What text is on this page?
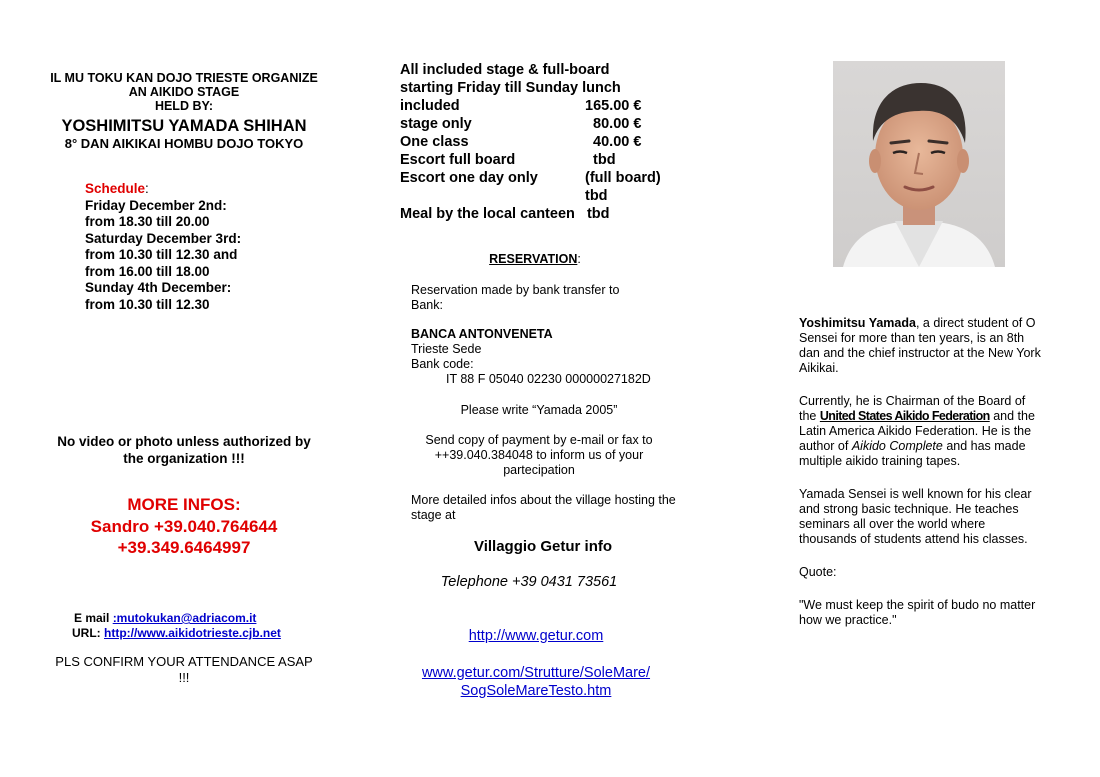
IL MU TOKU KAN DOJO TRIESTE ORGANIZE
AN AIKIDO STAGE
HELD BY:
YOSHIMITSU YAMADA SHIHAN
8° DAN AIKIKAI HOMBU DOJO TOKYO
Schedule:
Friday December 2nd:
from 18.30 till 20.00
Saturday December 3rd:
from 10.30 till 12.30 and
from 16.00 till 18.00
Sunday 4th December:
from 10.30 till 12.30
No video or photo unless authorized by
the organization !!!
MORE INFOS:
Sandro +39.040.764644
+39.349.6464997
E mail :mutokukan@adriacom.it
URL: http://www.aikidotrieste.cjb.net
PLS CONFIRM YOUR ATTENDANCE ASAP
!!!
All included stage & full-board
starting Friday till Sunday lunch
included	165.00 €
stage only	80.00 €
One class	40.00 €
Escort full board	tbd
Escort one day only	(full board)
tbd
Meal by the local canteen   tbd
RESERVATION:
Reservation made by bank transfer to
Bank:
BANCA ANTONVENETA
Trieste Sede
Bank code:
IT 88 F 05040 02230 00000027182D
Please write “Yamada 2005”
Send copy of payment by e-mail or fax to
++39.040.384048 to inform us of your
partecipation
More detailed infos about the village hosting the
stage at
Villaggio Getur info
Telephone +39 0431 73561
http://www.getur.com
www.getur.com/Strutture/SoleMare/
SogSoleMareTesto.htm

Yoshimitsu Yamada, a direct student of O Sensei for more than ten years, is an 8th dan and the chief instructor at the New York Aikikai.

Currently, he is Chairman of the Board of the United States Aikido Federation and the Latin America Aikido Federation. He is the author of Aikido Complete and has made multiple aikido training tapes.

Yamada Sensei is well known for his clear and strong basic technique. He teaches seminars all over the world where thousands of students attend his classes.

Quote:

"We must keep the spirit of budo no matter how we practice."
